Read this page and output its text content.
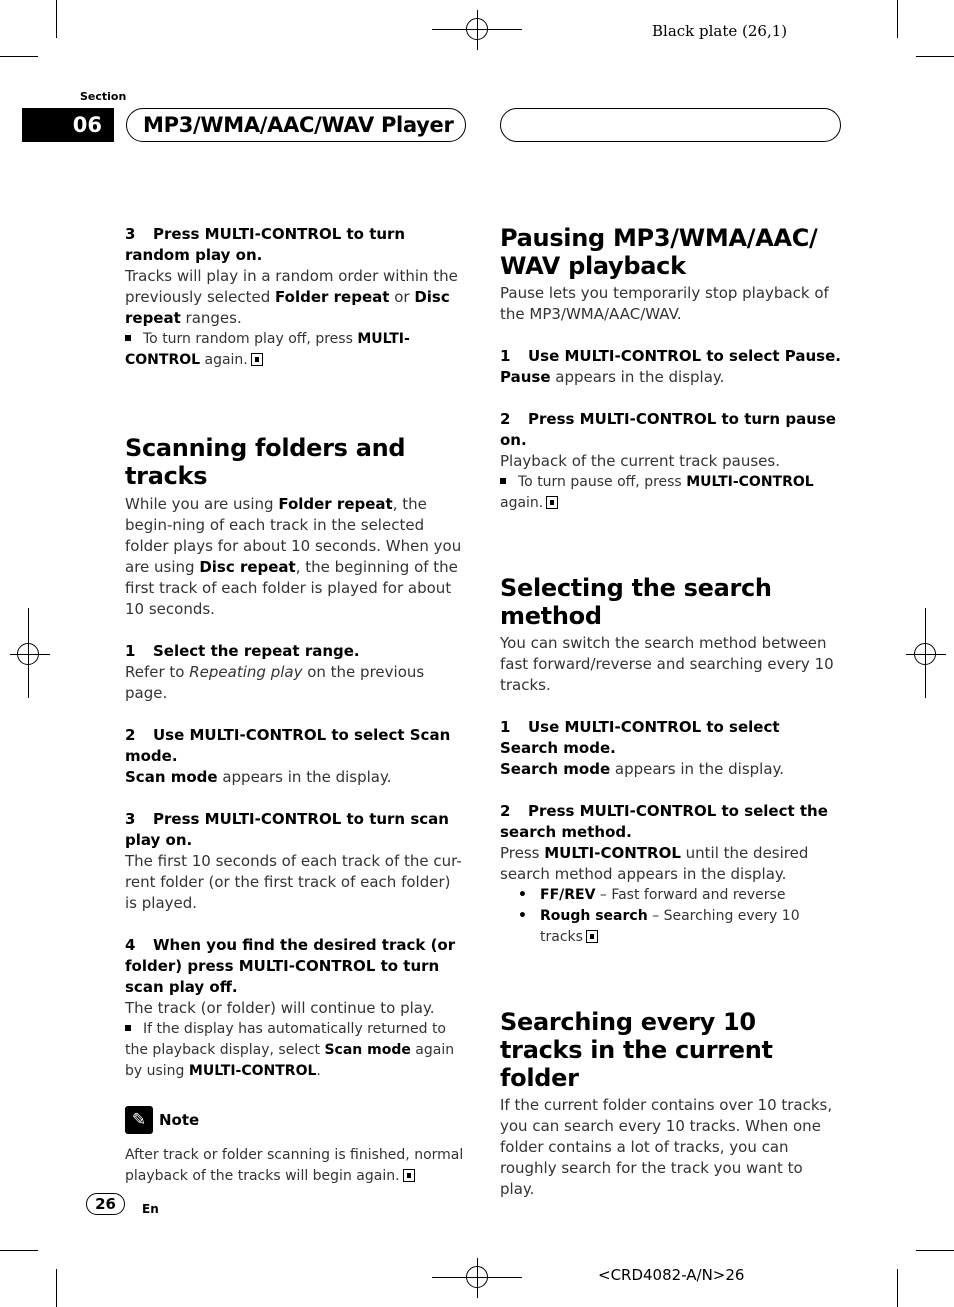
Black plate (26,1)
Section
06	MP3/WMA/AAC/WAV Player

3 Press MULTI-CONTROL to turn random play on.

Tracks will play in a random order within the previously selected Folder repeat or Disc repeat ranges.

To turn random play off, press MULTI-CONTROL again.

Scanning folders and tracks

While you are using Folder repeat, the begin-ning of each track in the selected folder plays for about 10 seconds. When you are using Disc repeat, the beginning of the first track of each folder is played for about 10 seconds.

1 Select the repeat range.

Refer to Repeating play on the previous page.

2 Use MULTI-CONTROL to select Scan mode.

Scan mode appears in the display.

3 Press MULTI-CONTROL to turn scan play on.

The first 10 seconds of each track of the cur-rent folder (or the first track of each folder) is played.

4 When you find the desired track (or folder) press MULTI-CONTROL to turn scan play off.

The track (or folder) will continue to play.

If the display has automatically returned to the playback display, select Scan mode again by using MULTI-CONTROL.

✎ Note

After track or folder scanning is finished, normal playback of the tracks will begin again.

Pausing MP3/WMA/AAC/ WAV playback

Pause lets you temporarily stop playback of the MP3/WMA/AAC/WAV.

1 Use MULTI-CONTROL to select Pause.

Pause appears in the display.

2 Press MULTI-CONTROL to turn pause on.

Playback of the current track pauses.

To turn pause off, press MULTI-CONTROL again.

Selecting the search method

You can switch the search method between fast forward/reverse and searching every 10 tracks.

1 Use MULTI-CONTROL to select Search mode.

Search mode appears in the display.

2 Press MULTI-CONTROL to select the search method.

Press MULTI-CONTROL until the desired search method appears in the display.

• FF/REV – Fast forward and reverse
• Rough search – Searching every 10 tracks

Searching every 10 tracks in the current folder

If the current folder contains over 10 tracks, you can search every 10 tracks. When one folder contains a lot of tracks, you can roughly search for the track you want to play.

26	En
<CRD4082-A/N>26
